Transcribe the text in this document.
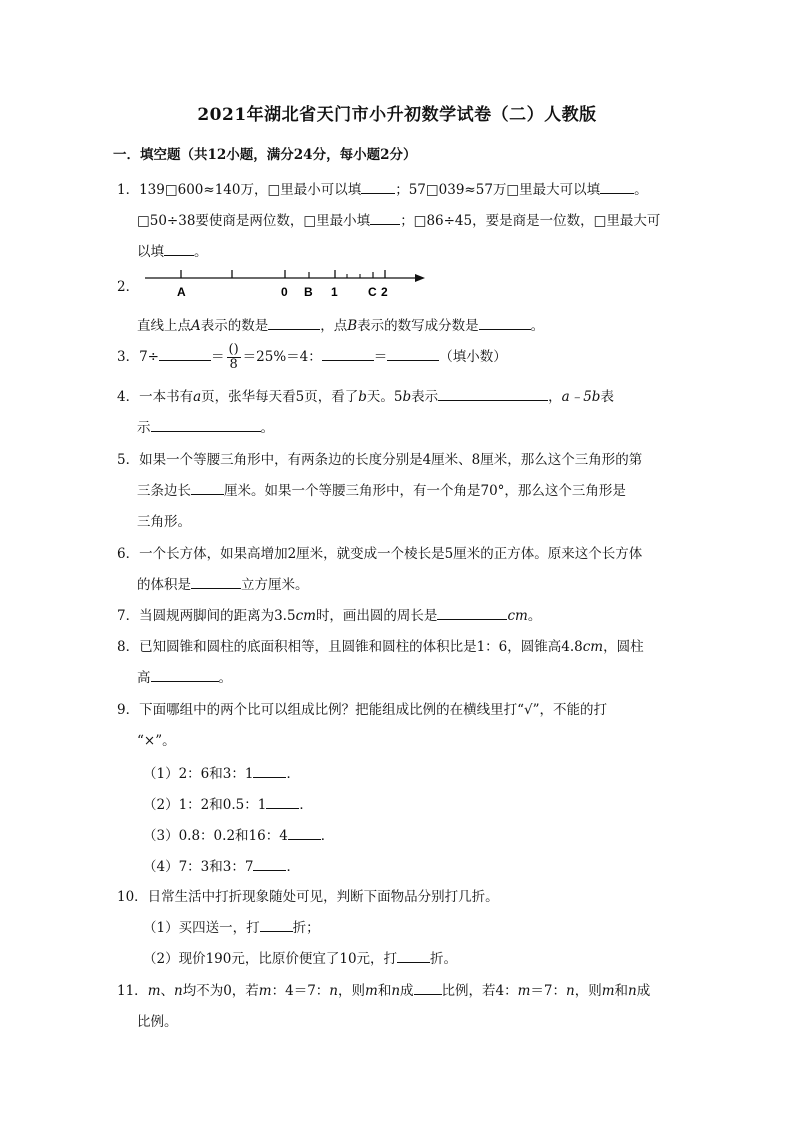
2021年湖北省天门市小升初数学试卷（二）人教版
一．填空题（共12小题，满分24分，每小题2分）
1．139□600≈140万，□里最小可以填	；57□039≈57万□里最大可以填	。
□50÷38要使商是两位数，□里最小填 ；□86÷45，要是商是一位数，□里最大可
以填 。
2．	A	0 B 1	C 2
直线上点A表示的数是	，点B表示的数写成分数是	。
3．7÷	＝ $\frac{()}{8} =25\%=4$：	＝	（填小数）
4．一本书有a页，张华每天看5页，看了b天。5b表示	，a﹣5b表
示	。
5．如果一个等腰三角形中，有两条边的长度分别是4厘米、8厘米，那么这个三角形的第
三条边长 厘米。如果一个等腰三角形中，有一个角是70°，那么这个三角形是
三角形。
6．一个长方体，如果高增加2厘米，就变成一个棱长是5厘米的正方体。原来这个长方体
的体积是	立方厘米。
7．当圆规两脚间的距离为3.5cm时，画出圆的周长是	cm。
8．已知圆锥和圆柱的底面积相等，且圆锥和圆柱的体积比是1：6，圆锥高4.8cm，圆柱
高	。
9．下面哪组中的两个比可以组成比例？把能组成比例的在横线里打“√”，不能的打
“×”。
（1）2：6和3：1 ．
（2）1：2和0.5：1 ．
（3）0.8：0.2和16：4 ．
（4）7：3和3：7 ．
10．日常生活中打折现象随处可见，判断下面物品分别打几折。
（1）买四送一，打 折；
（2）现价190元，比原价便宜了10元，打 折。
11．m、n均不为0，若m：4＝7：n，则m和n成 比例，若4：m＝7：n，则m和n成
比例。
